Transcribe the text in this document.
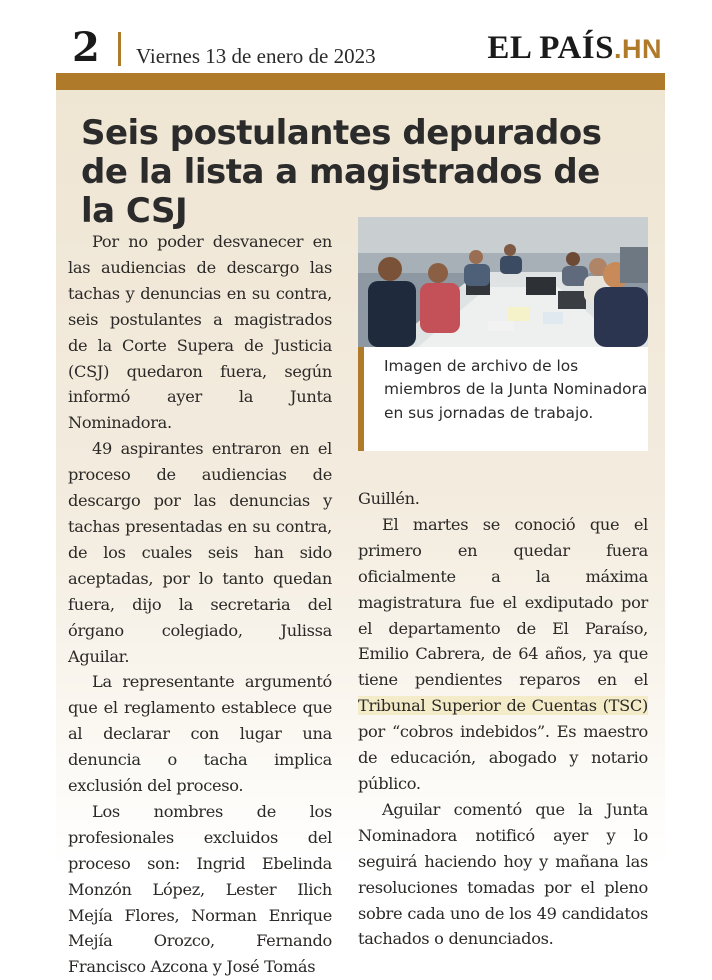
2 Viernes 13 de enero de 2023	EL PAÍS.HN
Seis postulantes depurados de la lista a magistrados de la CSJ

Por no poder desvanecer en las audiencias de descargo las tachas y denuncias en su contra, seis postulantes a magistrados de la Corte Supera de Justicia (CSJ) quedaron fuera, según informó ayer la Junta Nominadora.

49 aspirantes entraron en el proceso de audiencias de descargo por las denuncias y tachas presentadas en su contra, de los cuales seis han sido aceptadas, por lo tanto quedan fuera, dijo la secretaria del órgano colegiado, Julissa Aguilar.

La representante argumentó que el reglamento establece que al declarar con lugar una denuncia o tacha implica exclusión del proceso.

Los nombres de los profesionales excluidos del proceso son: Ingrid Ebelinda Monzón López, Lester Ilich Mejía Flores, Norman Enrique Mejía Orozco, Fernando Francisco Azcona y José Tomás

Imagen de archivo de los miembros de la Junta Nominadora en sus jornadas de trabajo.

Guillén.

El martes se conoció que el primero en quedar fuera oficialmente a la máxima magistratura fue el exdiputado por el departamento de El Paraíso, Emilio Cabrera, de 64 años, ya que tiene pendientes reparos en el Tribunal Superior de Cuentas (TSC) por “cobros indebidos”. Es maestro de educación, abogado y notario público.

Aguilar comentó que la Junta Nominadora notificó ayer y lo seguirá haciendo hoy y mañana las resoluciones tomadas por el pleno sobre cada uno de los 49 candidatos tachados o denunciados.
